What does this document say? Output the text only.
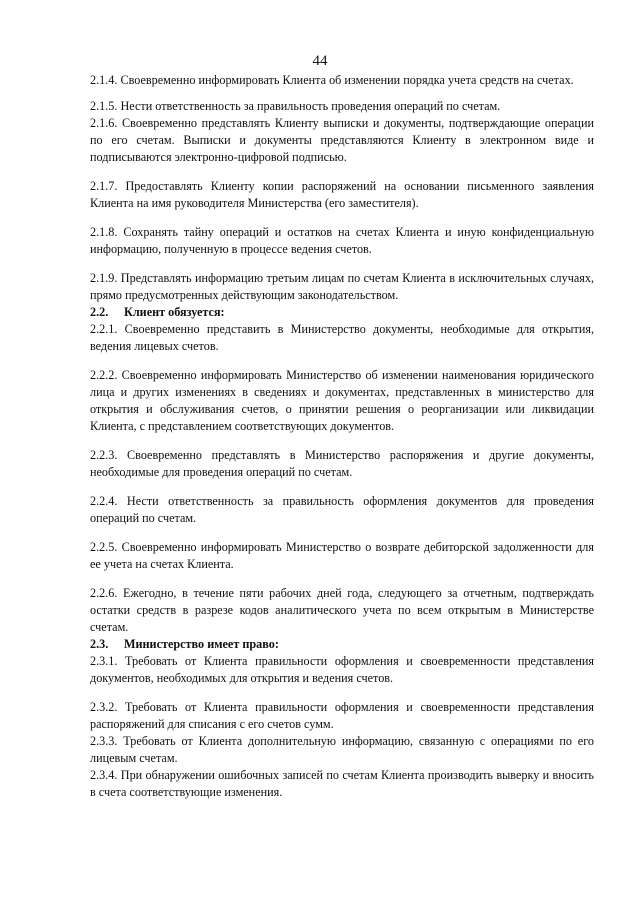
44

2.1.4. Своевременно информировать Клиента об изменении порядка учета средств на счетах.

2.1.5. Нести ответственность за правильность проведения операций по счетам.

2.1.6. Своевременно представлять Клиенту выписки и документы, подтверждающие операции по его счетам. Выписки и документы представляются Клиенту в электронном виде и подписываются электронно-цифровой подписью.

2.1.7. Предоставлять Клиенту копии распоряжений на основании письменного заявления Клиента на имя руководителя Министерства (его заместителя).

2.1.8. Сохранять тайну операций и остатков на счетах Клиента и иную конфиденциальную информацию, полученную в процессе ведения счетов.

2.1.9. Представлять информацию третьим лицам по счетам Клиента в исключительных случаях, прямо предусмотренных действующим законодательством.

2.2. Клиент обязуется:

2.2.1. Своевременно представить в Министерство документы, необходимые для открытия, ведения лицевых счетов.

2.2.2. Своевременно информировать Министерство об изменении наименования юридического лица и других изменениях в сведениях и документах, представленных в министерство для открытия и обслуживания счетов, о принятии решения о реорганизации или ликвидации Клиента, с представлением соответствующих документов.

2.2.3. Своевременно представлять в Министерство распоряжения и другие документы, необходимые для проведения операций по счетам.

2.2.4. Нести ответственность за правильность оформления документов для проведения операций по счетам.

2.2.5. Своевременно информировать Министерство о возврате дебиторской задолженности для ее учета на счетах Клиента.

2.2.6. Ежегодно, в течение пяти рабочих дней года, следующего за отчетным, подтверждать остатки средств в разрезе кодов аналитического учета по всем открытым в Министерстве счетам.

2.3. Министерство имеет право:

2.3.1. Требовать от Клиента правильности оформления и своевременности представления документов, необходимых для открытия и ведения счетов.

2.3.2. Требовать от Клиента правильности оформления и своевременности представления распоряжений для списания с его счетов сумм.

2.3.3. Требовать от Клиента дополнительную информацию, связанную с операциями по его лицевым счетам.

2.3.4. При обнаружении ошибочных записей по счетам Клиента производить выверку и вносить в счета соответствующие изменения.
